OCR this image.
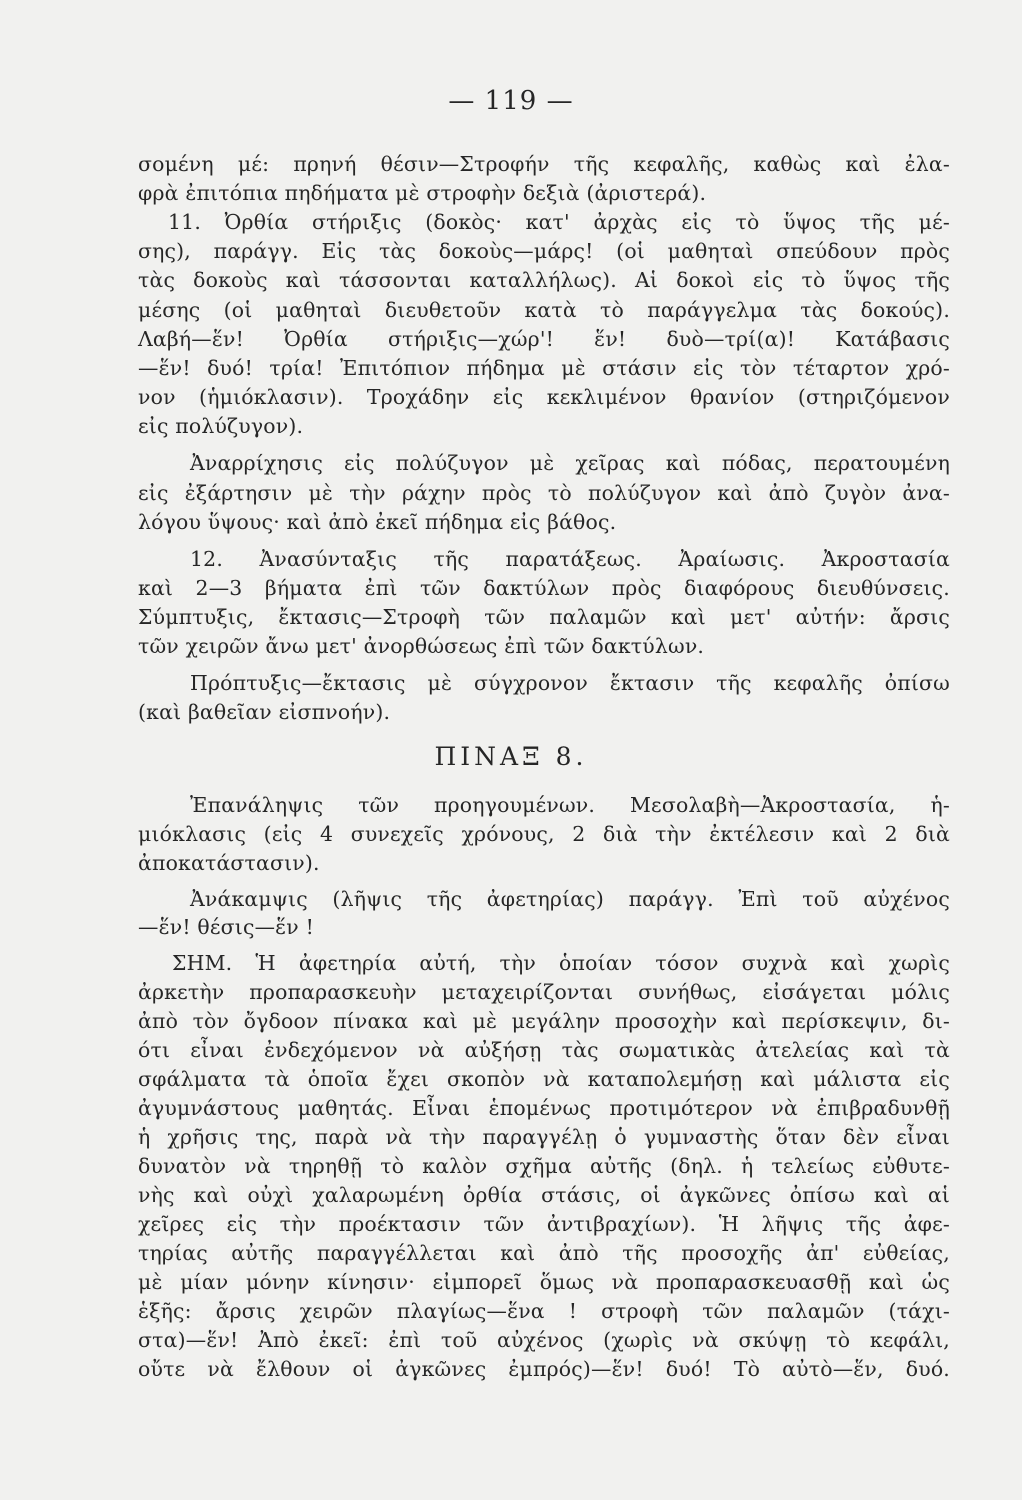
— 119 —
σομένη μέ: πρηνή θέσιν—Στροφήν τῆς κεφαλῆς, καθὼς καὶ ἐλα-
φρὰ ἐπιτόπια πηδήματα μὲ στροφὴν δεξιὰ (ἀριστερά).
11. Ὀρθία στήριξις (δοκὸς· κατ' ἀρχὰς εἰς τὸ ὕψος τῆς μέ-
σης), παράγγ. Εἰς τὰς δοκοὺς—μάρς! (οἱ μαθηταὶ σπεύδουν πρὸς
τὰς δοκοὺς καὶ τάσσονται καταλλήλως). Αἱ δοκοὶ εἰς τὸ ὕψος τῆς
μέσης (οἱ μαθηταὶ διευθετοῦν κατὰ τὸ παράγγελμα τὰς δοκούς).
Λαβή—ἕν! Ὀρθία στήριξις—χώρ'! ἕν! δυὸ—τρί(α)! Κατάβασις
—ἕν! δυό! τρία! Ἐπιτόπιον πήδημα μὲ στάσιν εἰς τὸν τέταρτον χρό-
νον (ἡμιόκλασιν). Τροχάδην εἰς κεκλιμένον θρανίον (στηριζόμενον
εἰς πολύζυγον).
Ἀναρρίχησις εἰς πολύζυγον μὲ χεῖρας καὶ πόδας, περατουμένη
εἰς ἐξάρτησιν μὲ τὴν ράχην πρὸς τὸ πολύζυγον καὶ ἀπὸ ζυγὸν ἀνα-
λόγου ὕψους· καὶ ἀπὸ ἐκεῖ πήδημα εἰς βάθος.
12. Ἀνασύνταξις τῆς παρατάξεως. Ἀραίωσις. Ἀκροστασία
καὶ 2—3 βήματα ἐπὶ τῶν δακτύλων πρὸς διαφόρους διευθύνσεις.
Σύμπτυξις, ἔκτασις—Στροφὴ τῶν παλαμῶν καὶ μετ' αὐτήν: ἄρσις
τῶν χειρῶν ἄνω μετ' ἀνορθώσεως ἐπὶ τῶν δακτύλων.
Πρόπτυξις—ἔκτασις μὲ σύγχρονον ἔκτασιν τῆς κεφαλῆς ὀπίσω
(καὶ βαθεῖαν εἰσπνοήν).
ΠΙΝΑΞ 8.
Ἐπανάληψις τῶν προηγουμένων. Μεσολαβὴ—Ἀκροστασία, ἡ-
μιόκλασις (εἰς 4 συνεχεῖς χρόνους, 2 διὰ τὴν ἐκτέλεσιν καὶ 2 διὰ
ἀποκατάστασιν).
Ἀνάκαμψις (λῆψις τῆς ἀφετηρίας) παράγγ. Ἐπὶ τοῦ αὐχένος
—ἕν! θέσις—ἕν !
ΣΗΜ. Ἡ ἀφετηρία αὐτή, τὴν ὁποίαν τόσον συχνὰ καὶ χωρὶς
ἀρκετὴν προπαρασκευὴν μεταχειρίζονται συνήθως, εἰσάγεται μόλις
ἀπὸ τὸν ὄγδοον πίνακα καὶ μὲ μεγάλην προσοχὴν καὶ περίσκεψιν, δι-
ότι εἶναι ἐνδεχόμενον νὰ αὐξήσῃ τὰς σωματικὰς ἀτελείας καὶ τὰ
σφάλματα τὰ ὁποῖα ἔχει σκοπὸν νὰ καταπολεμήσῃ καὶ μάλιστα εἰς
ἀγυμνάστους μαθητάς. Εἶναι ἑπομένως προτιμότερον νὰ ἐπιβραδυνθῇ
ἡ χρῆσις της, παρὰ νὰ τὴν παραγγέλῃ ὁ γυμναστὴς ὅταν δὲν εἶναι
δυνατὸν νὰ τηρηθῇ τὸ καλὸν σχῆμα αὐτῆς (δηλ. ἡ τελείως εὐθυτε-
νὴς καὶ οὐχὶ χαλαρωμένη ὀρθία στάσις, οἱ ἀγκῶνες ὀπίσω καὶ αἱ
χεῖρες εἰς τὴν προέκτασιν τῶν ἀντιβραχίων). Ἡ λῆψις τῆς ἀφε-
τηρίας αὐτῆς παραγγέλλεται καὶ ἀπὸ τῆς προσοχῆς ἀπ' εὐθείας,
μὲ μίαν μόνην κίνησιν· εἰμπορεῖ ὅμως νὰ προπαρασκευασθῇ καὶ ὡς
ἑξῆς: ἄρσις χειρῶν πλαγίως—ἕνα ! στροφὴ τῶν παλαμῶν (τάχι-
στα)—ἕν! Ἀπὸ ἐκεῖ: ἐπὶ τοῦ αὐχένος (χωρὶς νὰ σκύψῃ τὸ κεφάλι,
οὔτε νὰ ἔλθουν οἱ ἀγκῶνες ἐμπρός)—ἕν! δυό! Τὸ αὐτὸ—ἕν, δυό.
